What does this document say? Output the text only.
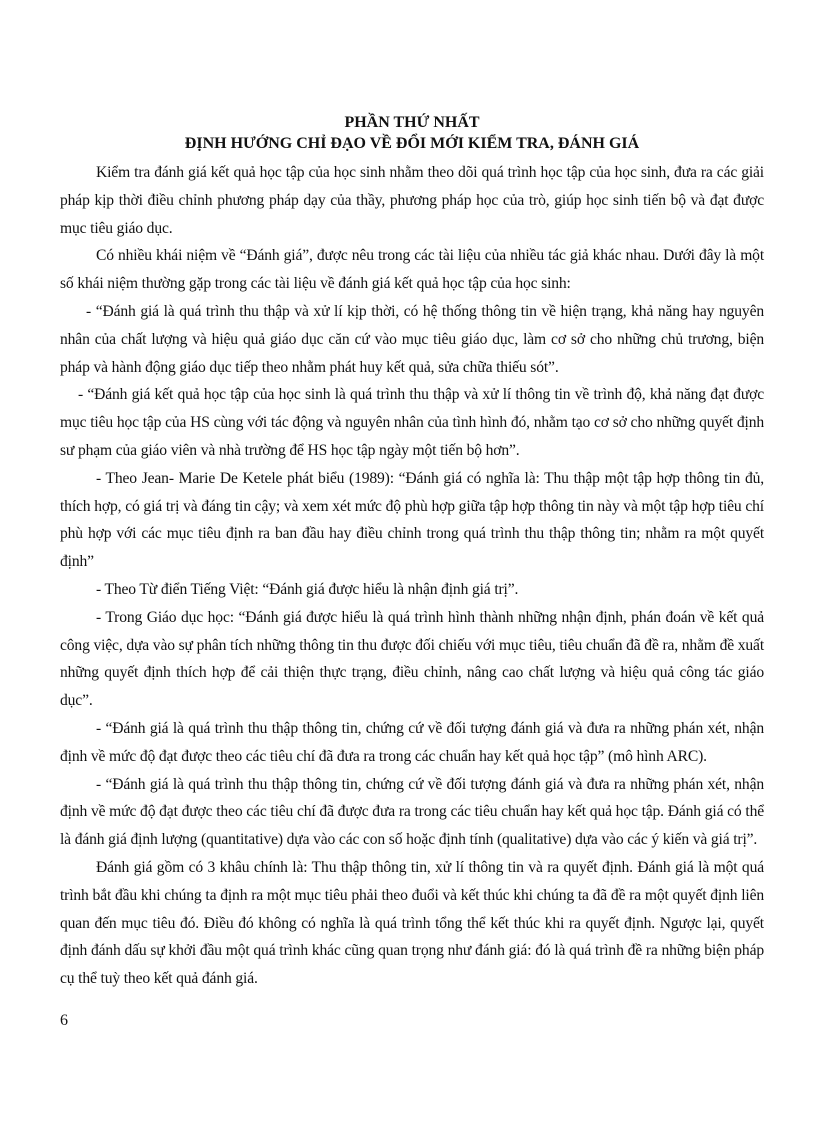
PHẦN THỨ NHẤT
ĐỊNH HƯỚNG CHỈ ĐẠO VỀ ĐỔI MỚI KIỂM TRA, ĐÁNH GIÁ

Kiểm tra đánh giá kết quả học tập của học sinh nhằm theo dõi quá trình học tập của học sinh, đưa ra các giải pháp kịp thời điều chỉnh phương pháp dạy của thầy, phương pháp học của trò, giúp học sinh tiến bộ và đạt được mục tiêu giáo dục.

Có nhiều khái niệm về “Đánh giá”, được nêu trong các tài liệu của nhiều tác giả khác nhau. Dưới đây là một số khái niệm thường gặp trong các tài liệu về đánh giá kết quả học tập của học sinh:

- “Đánh giá là quá trình thu thập và xử lí kịp thời, có hệ thống thông tin về hiện trạng, khả năng hay nguyên nhân của chất lượng và hiệu quả giáo dục căn cứ vào mục tiêu giáo dục, làm cơ sở cho những chủ trương, biện pháp và hành động giáo dục tiếp theo nhằm phát huy kết quả, sửa chữa thiếu sót”.

- “Đánh giá kết quả học tập của học sinh là quá trình thu thập và xử lí thông tin về trình độ, khả năng đạt được mục tiêu học tập của HS cùng với tác động và nguyên nhân của tình hình đó, nhằm tạo cơ sở cho những quyết định sư phạm của giáo viên và nhà trường để HS học tập ngày một tiến bộ hơn”.

- Theo Jean- Marie De Ketele phát biểu (1989): “Đánh giá có nghĩa là: Thu thập một tập hợp thông tin đủ, thích hợp, có giá trị và đáng tin cậy; và xem xét mức độ phù hợp giữa tập hợp thông tin này và một tập hợp tiêu chí phù hợp với các mục tiêu định ra ban đầu hay điều chỉnh trong quá trình thu thập thông tin; nhằm ra một quyết định”

- Theo Từ điển Tiếng Việt: “Đánh giá được hiểu là nhận định giá trị”.

- Trong Giáo dục học: “Đánh giá được hiểu là quá trình hình thành những nhận định, phán đoán về kết quả công việc, dựa vào sự phân tích những thông tin thu được đối chiếu với mục tiêu, tiêu chuẩn đã đề ra, nhằm đề xuất những quyết định thích hợp để cải thiện thực trạng, điều chỉnh, nâng cao chất lượng và hiệu quả công tác giáo dục”.

- “Đánh giá là quá trình thu thập thông tin, chứng cứ về đối tượng đánh giá và đưa ra những phán xét, nhận định về mức độ đạt được theo các tiêu chí đã đưa ra trong các chuẩn hay kết quả học tập” (mô hình ARC).

- “Đánh giá là quá trình thu thập thông tin, chứng cứ về đối tượng đánh giá và đưa ra những phán xét, nhận định về mức độ đạt được theo các tiêu chí đã được đưa ra trong các tiêu chuẩn hay kết quả học tập. Đánh giá có thể là đánh giá định lượng (quantitative) dựa vào các con số hoặc định tính (qualitative) dựa vào các ý kiến và giá trị”.

Đánh giá gồm có 3 khâu chính là: Thu thập thông tin, xử lí thông tin và ra quyết định. Đánh giá là một quá trình bắt đầu khi chúng ta định ra một mục tiêu phải theo đuổi và kết thúc khi chúng ta đã đề ra một quyết định liên quan đến mục tiêu đó. Điều đó không có nghĩa là quá trình tổng thể kết thúc khi ra quyết định. Ngược lại, quyết định đánh dấu sự khởi đầu một quá trình khác cũng quan trọng như đánh giá: đó là quá trình đề ra những biện pháp cụ thể tuỳ theo kết quả đánh giá.

6
